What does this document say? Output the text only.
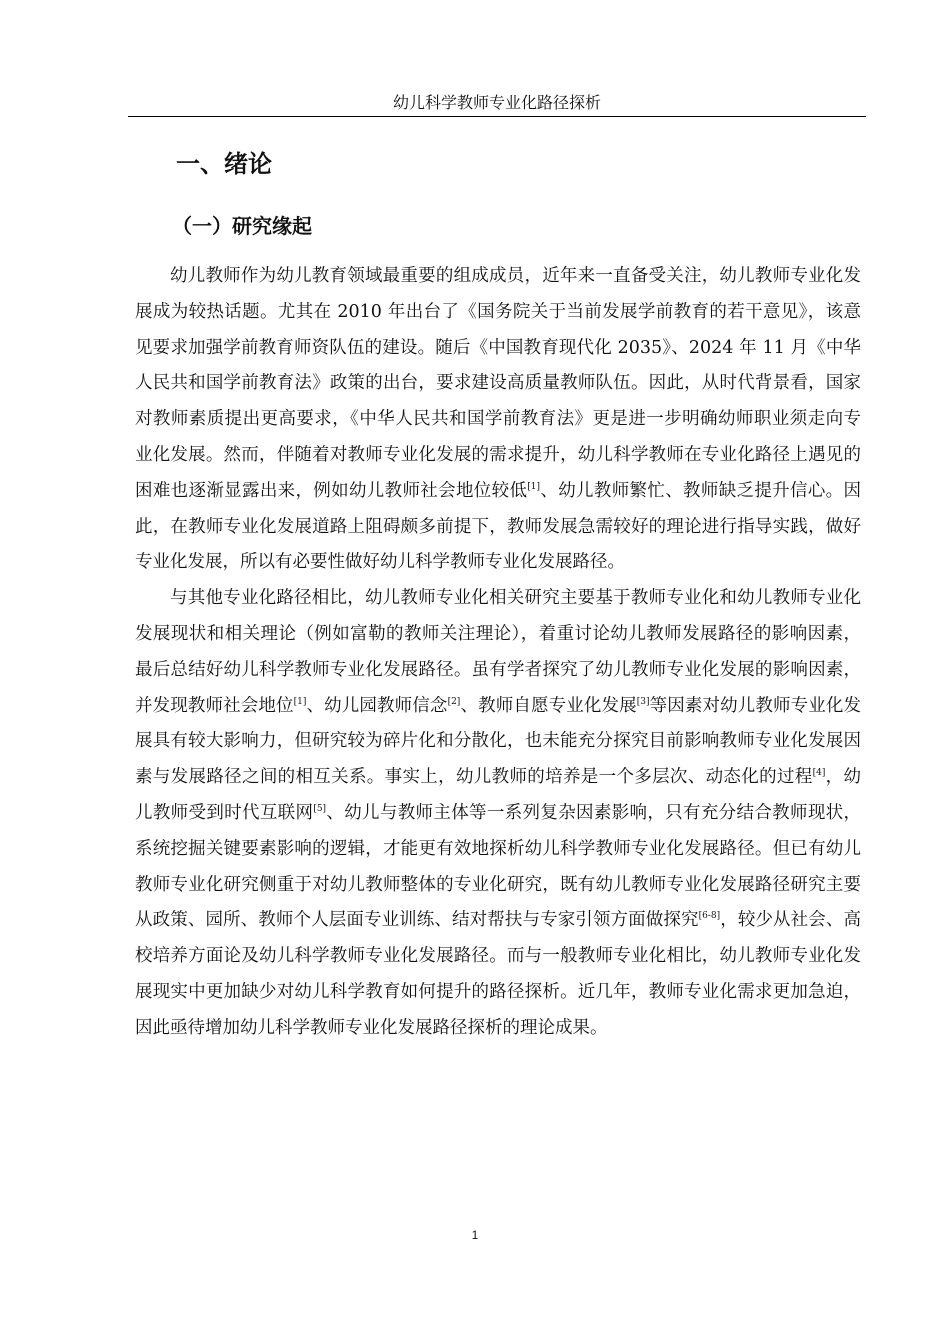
幼儿科学教师专业化路径探析
一、绪论
（一）研究缘起

幼儿教师作为幼儿教育领域最重要的组成成员，近年来一直备受关注，幼儿教师专业化发展成为较热话题。尤其在 2010 年出台了《国务院关于当前发展学前教育的若干意见》，该意见要求加强学前教育师资队伍的建设。随后《中国教育现代化 2035》、2024 年 11 月《中华人民共和国学前教育法》政策的出台，要求建设高质量教师队伍。因此，从时代背景看，国家对教师素质提出更高要求，《中华人民共和国学前教育法》更是进一步明确幼师职业须走向专业化发展。然而，伴随着对教师专业化发展的需求提升，幼儿科学教师在专业化路径上遇见的困难也逐渐显露出来，例如幼儿教师社会地位较低[1]、幼儿教师繁忙、教师缺乏提升信心。因此，在教师专业化发展道路上阻碍颇多前提下，教师发展急需较好的理论进行指导实践，做好专业化发展，所以有必要性做好幼儿科学教师专业化发展路径。

与其他专业化路径相比，幼儿教师专业化相关研究主要基于教师专业化和幼儿教师专业化发展现状和相关理论（例如富勒的教师关注理论），着重讨论幼儿教师发展路径的影响因素，最后总结好幼儿科学教师专业化发展路径。虽有学者探究了幼儿教师专业化发展的影响因素，并发现教师社会地位[1]、幼儿园教师信念[2]、教师自愿专业化发展[3]等因素对幼儿教师专业化发展具有较大影响力，但研究较为碎片化和分散化，也未能充分探究目前影响教师专业化发展因素与发展路径之间的相互关系。事实上，幼儿教师的培养是一个多层次、动态化的过程[4]，幼儿教师受到时代互联网[5]、幼儿与教师主体等一系列复杂因素影响，只有充分结合教师现状，系统挖掘关键要素影响的逻辑，才能更有效地探析幼儿科学教师专业化发展路径。但已有幼儿教师专业化研究侧重于对幼儿教师整体的专业化研究，既有幼儿教师专业化发展路径研究主要从政策、园所、教师个人层面专业训练、结对帮扶与专家引领方面做探究[6-8]，较少从社会、高校培养方面论及幼儿科学教师专业化发展路径。而与一般教师专业化相比，幼儿教师专业化发展现实中更加缺少对幼儿科学教育如何提升的路径探析。近几年，教师专业化需求更加急迫，因此亟待增加幼儿科学教师专业化发展路径探析的理论成果。

1
